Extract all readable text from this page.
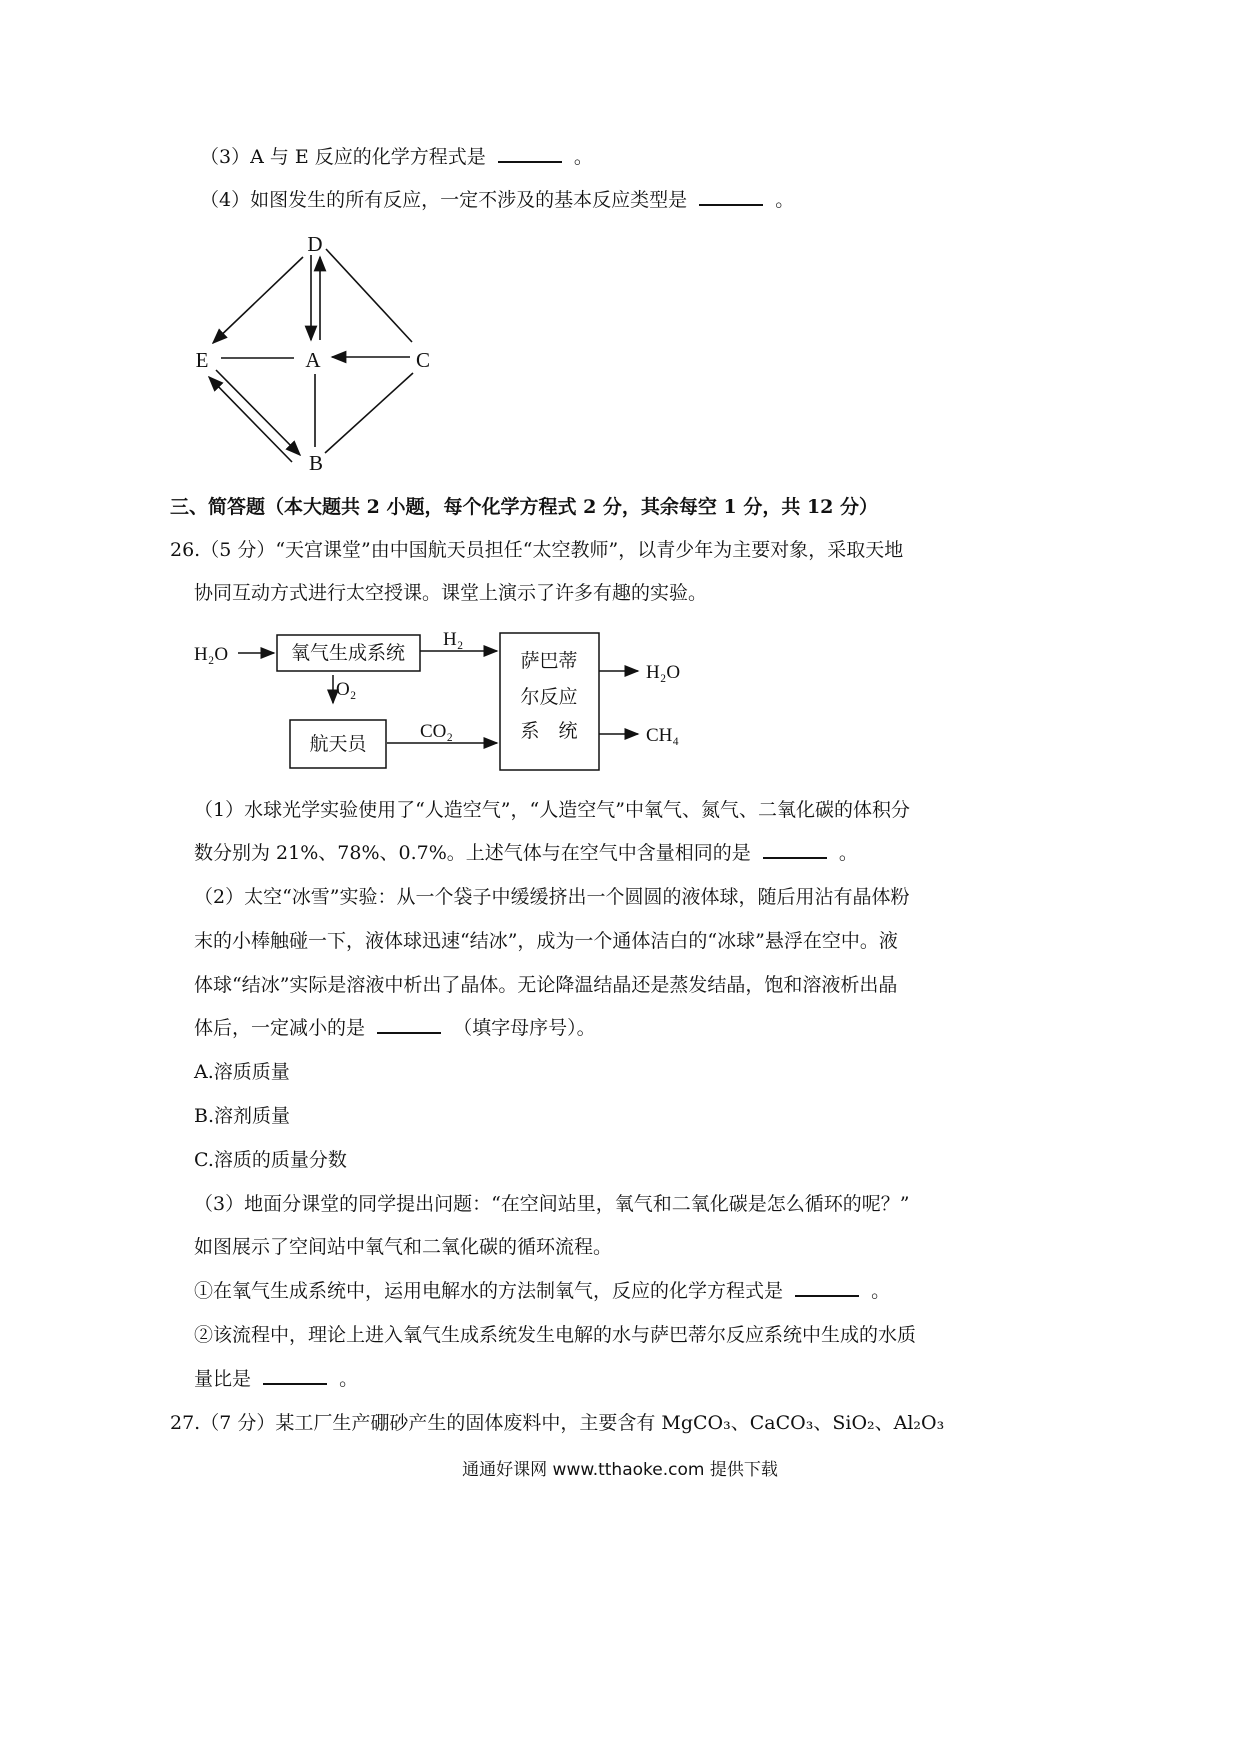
（3）A 与 E 反应的化学方程式是	。
（4）如图发生的所有反应，一定不涉及的基本反应类型是	。
D
E	A	C
B
三、简答题（本大题共 2 小题，每个化学方程式 2 分，其余每空 1 分，共 12 分）
26.（5 分）“天宫课堂”由中国航天员担任“太空教师”，以青少年为主要对象，采取天地
协同互动方式进行太空授课。课堂上演示了许多有趣的实验。
H₂O	氧气生成系统
H₂
O₂
航天员
CO₂
萨巴蒂
尔反应
系　统
H₂O
CH₄
（1）水球光学实验使用了“人造空气”，“人造空气”中氧气、氮气、二氧化碳的体积分
数分别为 21%、78%、0.7%。上述气体与在空气中含量相同的是	。
（2）太空“冰雪”实验：从一个袋子中缓缓挤出一个圆圆的液体球，随后用沾有晶体粉
末的小棒触碰一下，液体球迅速“结冰”，成为一个通体洁白的“冰球”悬浮在空中。液
体球“结冰”实际是溶液中析出了晶体。无论降温结晶还是蒸发结晶，饱和溶液析出晶
体后，一定减小的是	（填字母序号）。
A.溶质质量
B.溶剂质量
C.溶质的质量分数
（3）地面分课堂的同学提出问题：“在空间站里，氧气和二氧化碳是怎么循环的呢？”
如图展示了空间站中氧气和二氧化碳的循环流程。
①在氧气生成系统中，运用电解水的方法制氧气，反应的化学方程式是	。
②该流程中，理论上进入氧气生成系统发生电解的水与萨巴蒂尔反应系统中生成的水质
量比是	。
27.（7 分）某工厂生产硼砂产生的固体废料中，主要含有 MgCO₃、CaCO₃、SiO₂、Al₂O₃
通通好课网 www.tthaoke.com 提供下载
